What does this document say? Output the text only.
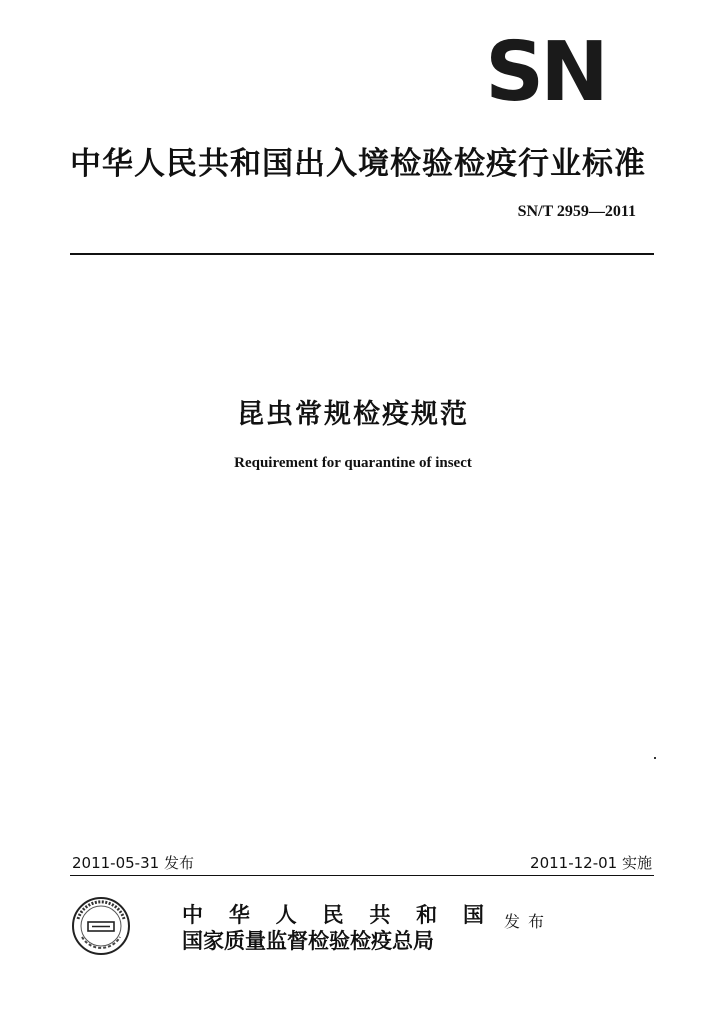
SN
中华人民共和国出入境检验检疫行业标准
SN/T 2959—2011
昆虫常规检疫规范
Requirement for quarantine of insect
2011-05-31 发布	2011-12-01 实施
中 华 人 民 共 和 国
国家质量监督检验检疫总局
发布
